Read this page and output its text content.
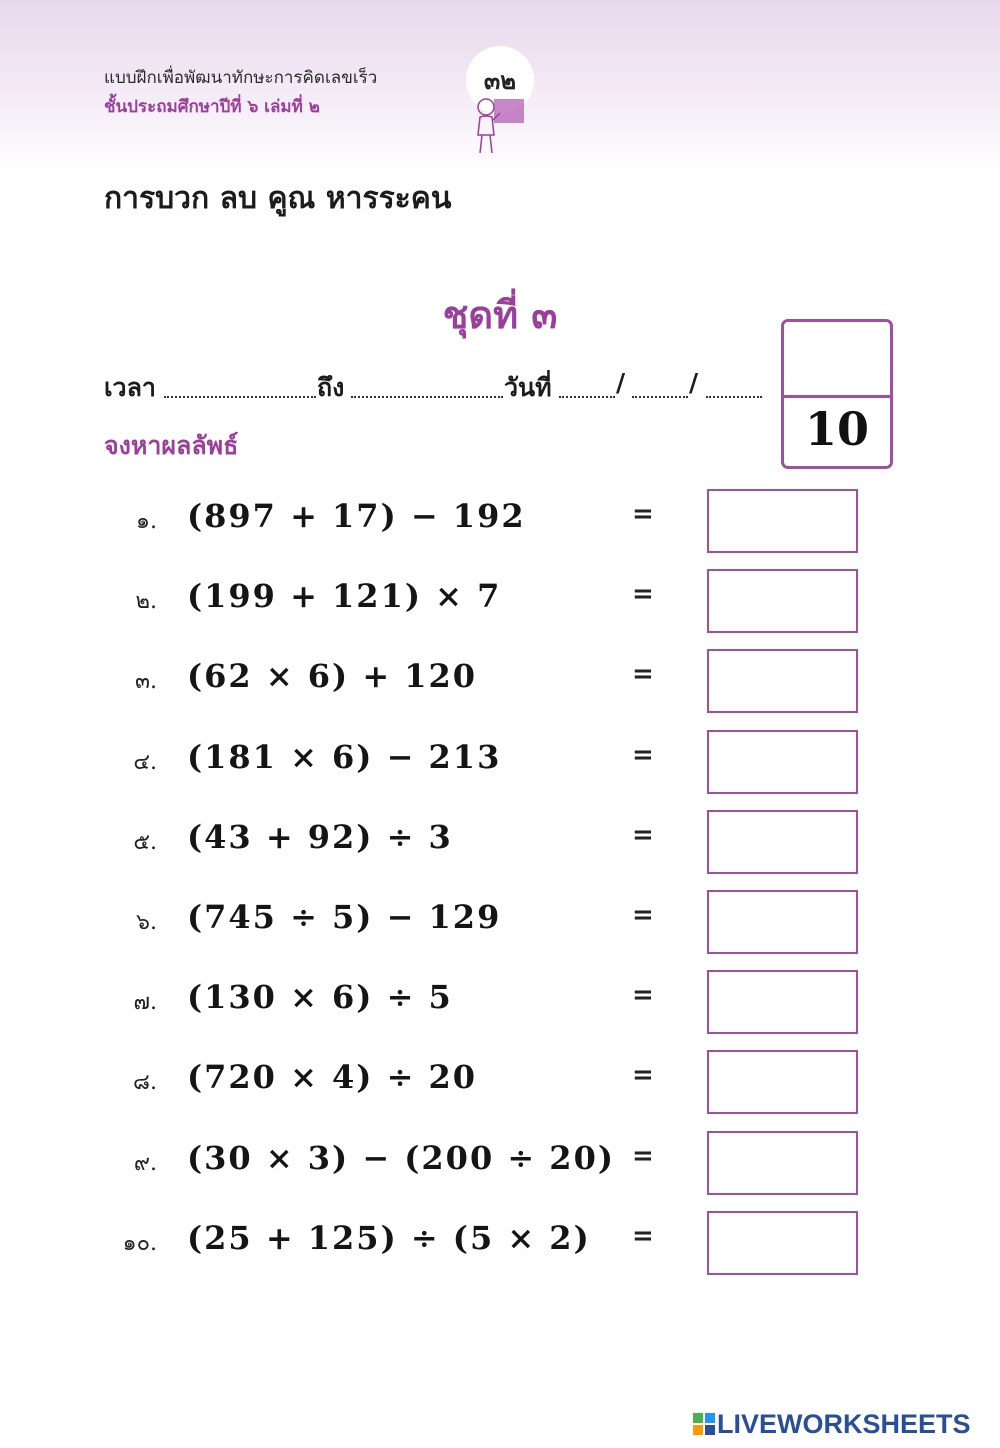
แบบฝึกเพื่อพัฒนาทักษะการคิดเลขเร็ว
ชั้นประถมศึกษาปีที่ ๖ เล่มที่ ๒
๓๒
การบวก ลบ คูณ หารระคน
ชุดที่ ๓
เวลา	ถึง	วันที่	/	/
10
จงหาผลลัพธ์
๑. (897 + 17) − 192	=
๒. (199 + 121) × 7	=
๓. (62 × 6) + 120	=
๔. (181 × 6) − 213	=
๕. (43 + 92) ÷ 3	=
๖. (745 ÷ 5) − 129	=
๗. (130 × 6) ÷ 5	=
๘. (720 × 4) ÷ 20	=
๙. (30 × 3) − (200 ÷ 20) =
๑๐. (25 + 125) ÷ (5 × 2) =
LIVEWORKSHEETS
